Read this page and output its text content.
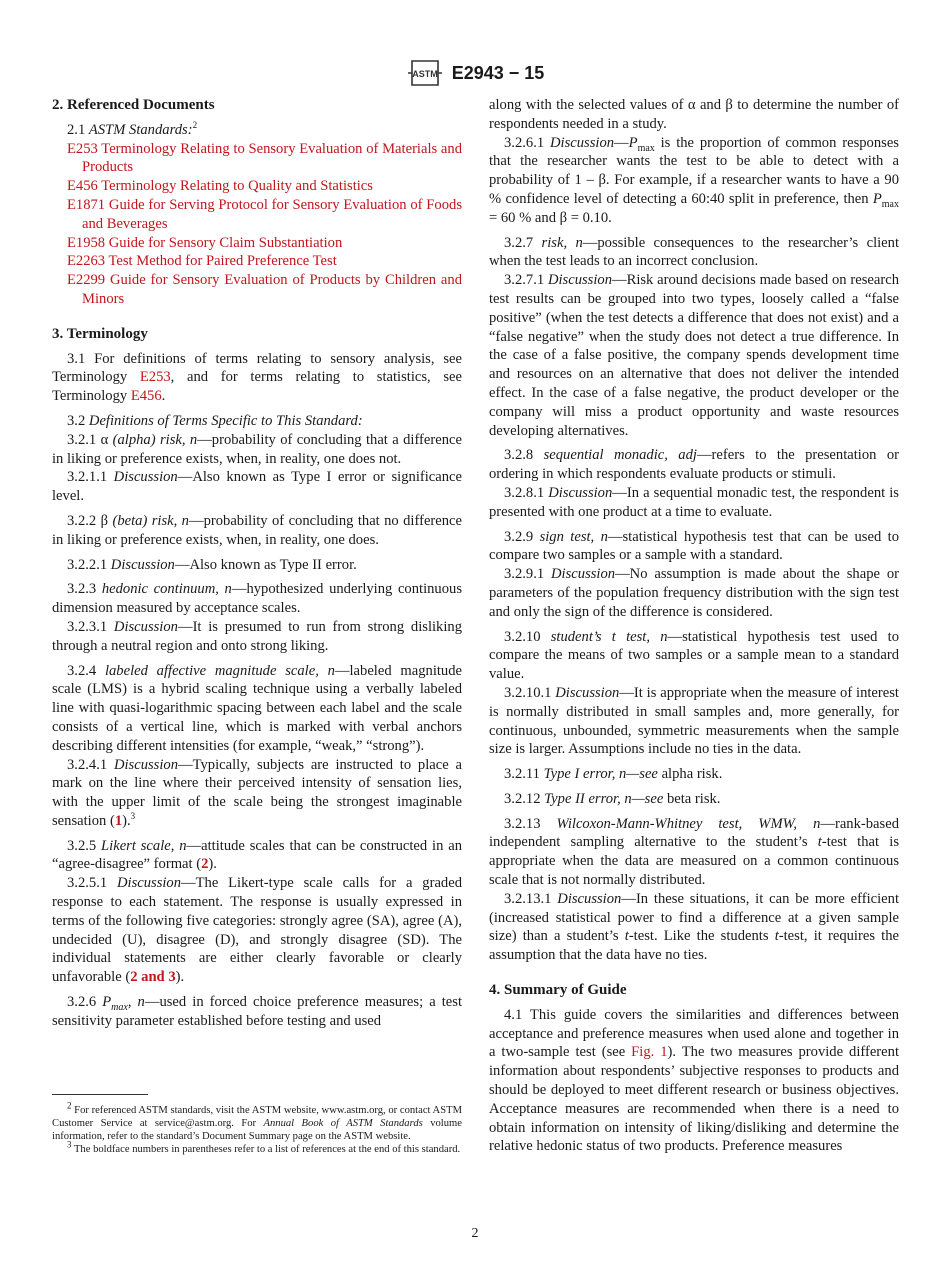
ASTM E2943 − 15
2. Referenced Documents

2.1 ASTM Standards:$^2$

E253 Terminology Relating to Sensory Evaluation of Materials and Products

E456 Terminology Relating to Quality and Statistics

E1871 Guide for Serving Protocol for Sensory Evaluation of Foods and Beverages

E1958 Guide for Sensory Claim Substantiation

E2263 Test Method for Paired Preference Test

E2299 Guide for Sensory Evaluation of Products by Children and Minors

3. Terminology

3.1 For definitions of terms relating to sensory analysis, see Terminology E253, and for terms relating to statistics, see Terminology E456.

3.2 Definitions of Terms Specific to This Standard:

3.2.1 α (alpha) risk, n—probability of concluding that a difference in liking or preference exists, when, in reality, one does not.

3.2.1.1 Discussion—Also known as Type I error or significance level.

3.2.2 β (beta) risk, n—probability of concluding that no difference in liking or preference exists, when, in reality, one does.

3.2.2.1 Discussion—Also known as Type II error.

3.2.3 hedonic continuum, n—hypothesized underlying continuous dimension measured by acceptance scales.

3.2.3.1 Discussion—It is presumed to run from strong disliking through a neutral region and onto strong liking.

3.2.4 labeled affective magnitude scale, n—labeled magnitude scale (LMS) is a hybrid scaling technique using a verbally labeled line with quasi-logarithmic spacing between each label and the scale consists of a vertical line, which is marked with verbal anchors describing different intensities (for example, “weak,” “strong”).

3.2.4.1 Discussion—Typically, subjects are instructed to place a mark on the line where their perceived intensity of sensation lies, with the upper limit of the scale being the strongest imaginable sensation (1).$^3$

3.2.5 Likert scale, n—attitude scales that can be constructed in an “agree-disagree” format (2).

3.2.5.1 Discussion—The Likert-type scale calls for a graded response to each statement. The response is usually expressed in terms of the following five categories: strongly agree (SA), agree (A), undecided (U), disagree (D), and strongly disagree (SD). The individual statements are either clearly favorable or clearly unfavorable (2 and 3).

3.2.6 $P_{max}$, n—used in forced choice preference measures; a test sensitivity parameter established before testing and used

along with the selected values of α and β to determine the number of respondents needed in a study.

3.2.6.1 $Discussion—P_{max}$ is the proportion of common responses that the researcher wants the test to be able to detect with a probability of 1 – β. For example, if a researcher wants to have a 90 % confidence level of detecting a 60:40 split in preference, then $P_{max} = 60$ % and β = 0.10.

3.2.7 risk, n—possible consequences to the researcher’s client when the test leads to an incorrect conclusion.

3.2.7.1 Discussion—Risk around decisions made based on research test results can be grouped into two types, loosely called a “false positive” (when the test detects a difference that does not exist) and a “false negative” when the study does not detect a true difference. In the case of a false positive, the company spends development time and resources on an alternative that does not deliver the intended effect. In the case of a false negative, the product developer or the company will miss a product opportunity and waste resources developing alternatives.

3.2.8 sequential monadic, adj—refers to the presentation or ordering in which respondents evaluate products or stimuli.

3.2.8.1 Discussion—In a sequential monadic test, the respondent is presented with one product at a time to evaluate.

3.2.9 sign test, n—statistical hypothesis test that can be used to compare two samples or a sample with a standard.

3.2.9.1 Discussion—No assumption is made about the shape or parameters of the population frequency distribution with the sign test and only the sign of the difference is considered.

3.2.10 student’s t test, n—statistical hypothesis test used to compare the means of two samples or a sample mean to a standard value.

3.2.10.1 Discussion—It is appropriate when the measure of interest is normally distributed in small samples and, more generally, for continuous, unbounded, symmetric measurements when the sample size is larger. Assumptions include no ties in the data.

3.2.11 Type I error, n—see alpha risk.

3.2.12 Type II error, n—see beta risk.

3.2.13 Wilcoxon-Mann-Whitney test, WMW, n—rank-based independent sampling alternative to the student’s t-test that is appropriate when the data are measured on a common continuous scale that is not normally distributed.

3.2.13.1 Discussion—In these situations, it can be more efficient (increased statistical power to find a difference at a given sample size) than a student’s t-test. Like the students t-test, it requires the assumption that the data have no ties.

4. Summary of Guide

4.1 This guide covers the similarities and differences between acceptance and preference measures when used alone and together in a two-sample test (see Fig. 1). The two measures provide different information about respondents’ subjective responses to products and should be deployed to meet different research or business objectives. Acceptance measures are recommended when there is a need to obtain information on intensity of liking/disliking and determine the relative hedonic status of two products. Preference measures

$^2$ For referenced ASTM standards, visit the ASTM website, www.astm.org, or contact ASTM Customer Service at service@astm.org. For Annual Book of ASTM Standards volume information, refer to the standard’s Document Summary page on the ASTM website.

$^3$ The boldface numbers in parentheses refer to a list of references at the end of this standard.

2
